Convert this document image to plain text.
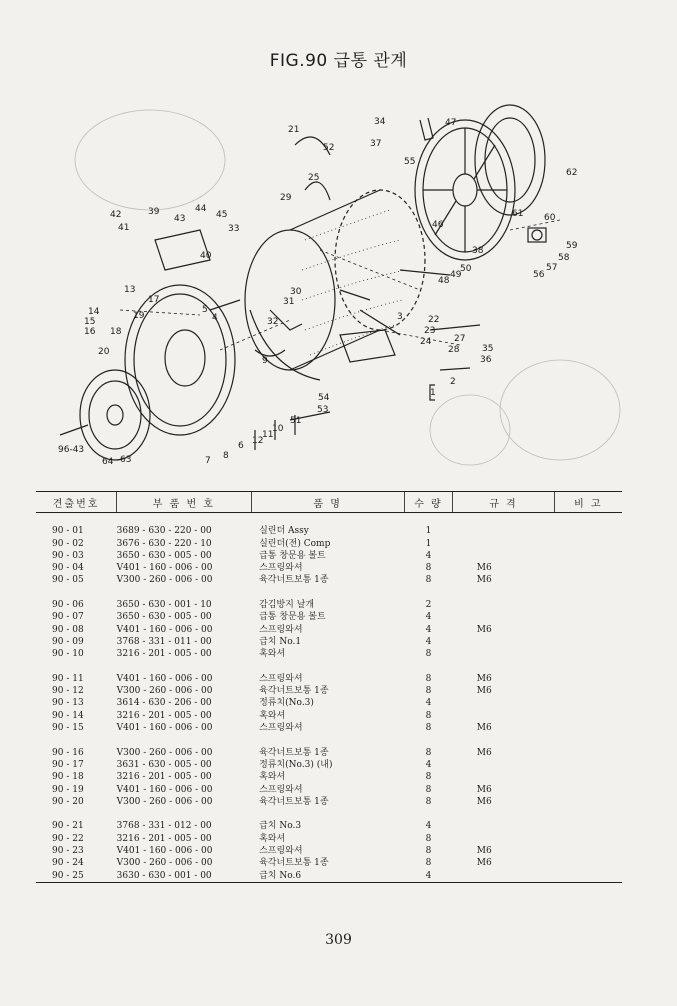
FIG.90 급통 관계
21
52
34	47
37
55
62
25
29
42
41
39
43
44
45
33	46
61 60
40	38	59
58
57
56
48
49
50
14
15
16 18
13
20
17
5
4
30
31
32	3	22
23
24	27
28	35
36
7 8
6 12
11
10
51
9
53
54
2
1
64 63
96-43
19
견출번호	부 품 번 호	품 명	수 량	규 격	비 고

90 - 01	3689 - 630 - 220 - 00	실린더 Assy	1		
90 - 02	3676 - 630 - 220 - 10	실린더(전) Comp	1		
90 - 03	3650 - 630 - 005 - 00	급통 창문용 볼트	4		
90 - 04	V401 - 160 - 006 - 00	스프링와셔	8	M6	
90 - 05	V300 - 260 - 006 - 00	육각너트보통 1종	8	M6	

90 - 06	3650 - 630 - 001 - 10	감김방지 날개	2		
90 - 07	3650 - 630 - 005 - 00	급통 창문용 볼트	4		
90 - 08	V401 - 160 - 006 - 00	스프링와셔	4	M6	
90 - 09	3768 - 331 - 011 - 00	급치 No.1	4		
90 - 10	3216 - 201 - 005 - 00	혹와셔	8		

90 - 11	V401 - 160 - 006 - 00	스프링와셔	8	M6	
90 - 12	V300 - 260 - 006 - 00	육각너트보통 1종	8	M6	
90 - 13	3614 - 630 - 206 - 00	정류치(No.3)	4		
90 - 14	3216 - 201 - 005 - 00	혹와셔	8		
90 - 15	V401 - 160 - 006 - 00	스프링와셔	8	M6	

90 - 16	V300 - 260 - 006 - 00	육각너트보통 1종	8	M6	
90 - 17	3631 - 630 - 005 - 00	정류치(No.3) (내)	4		
90 - 18	3216 - 201 - 005 - 00	혹와셔	8		
90 - 19	V401 - 160 - 006 - 00	스프링와셔	8	M6	
90 - 20	V300 - 260 - 006 - 00	육각너트보통 1종	8	M6	

90 - 21	3768 - 331 - 012 - 00	급치 No.3	4		
90 - 22	3216 - 201 - 005 - 00	혹와셔	8		
90 - 23	V401 - 160 - 006 - 00	스프링와셔	8	M6	
90 - 24	V300 - 260 - 006 - 00	육각너트보통 1종	8	M6	
90 - 25	3630 - 630 - 001 - 00	급치 No.6	4		
309
